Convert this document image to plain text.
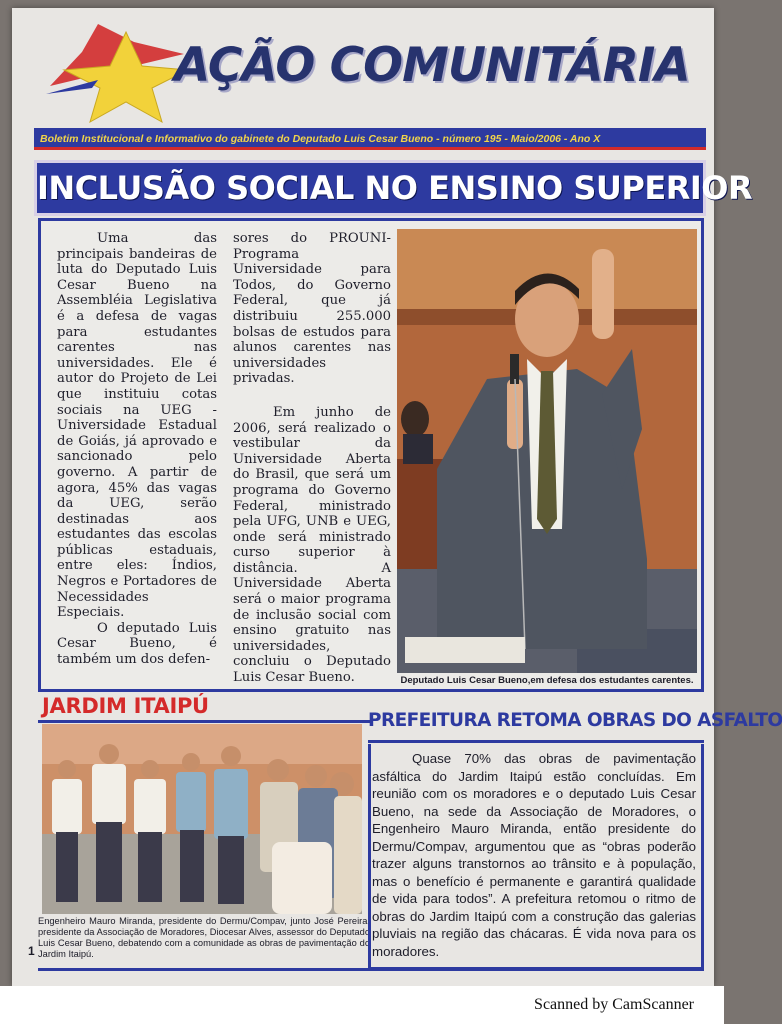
AÇÃO COMUNITÁRIA
Boletim Institucional e Informativo do gabinete do Deputado Luis Cesar Bueno - número 195 - Maio/2006 - Ano X
INCLUSÃO SOCIAL NO ENSINO SUPERIOR

Uma das principais bandeiras de luta do Deputado Luis Cesar Bueno na Assembléia Legislativa é a defesa de vagas para estudantes carentes nas universidades. Ele é autor do Projeto de Lei que instituiu cotas sociais na UEG - Universidade Estadual de Goiás, já aprovado e sancionado pelo governo. A partir de agora, 45% das vagas da UEG, serão destinadas aos estudantes das escolas públicas estaduais, entre eles: Índios, Negros e Portadores de Necessidades Especiais.

O deputado Luis Cesar Bueno, é também um dos defen-

sores do PROUNI-Programa Universidade para Todos, do Governo Federal, que já distribuiu 255.000 bolsas de estudos para alunos carentes nas universidades privadas.

Em junho de 2006, será realizado o vestibular da Universidade Aberta do Brasil, que será um programa do Governo Federal, ministrado pela UFG, UNB e UEG, onde será ministrado curso superior à distância. A Universidade Aberta será o maior programa de inclusão social com ensino gratuito nas universidades, concluiu o Deputado Luis Cesar Bueno.	Deputado Luis Cesar Bueno,em defesa dos estudantes carentes.
JARDIM ITAIPÚ
Engenheiro Mauro Miranda, presidente do Dermu/Compav, junto José Pereira, presidente da Associação de Moradores, Diocesar Alves, assessor do Deputado Luis Cesar Bueno, debatendo com a comunidade as obras de pavimentação do Jardim Itaipú.
1
PREFEITURA RETOMA OBRAS DO ASFALTO

Quase 70% das obras de pavimentação asfáltica do Jardim Itaipú estão concluídas. Em reunião com os moradores e o deputado Luis Cesar Bueno, na sede da Associação de Moradores, o Engenheiro Mauro Miranda, então presidente do Dermu/Compav, argumentou que as “obras poderão trazer alguns transtornos ao trânsito e à população, mas o benefício é permanente e garantirá qualidade de vida para todos”. A prefeitura retomou o ritmo de obras do Jardim Itaipú com a construção das galerias pluviais na região das chácaras. É vida nova para os moradores.

Scanned by CamScanner
